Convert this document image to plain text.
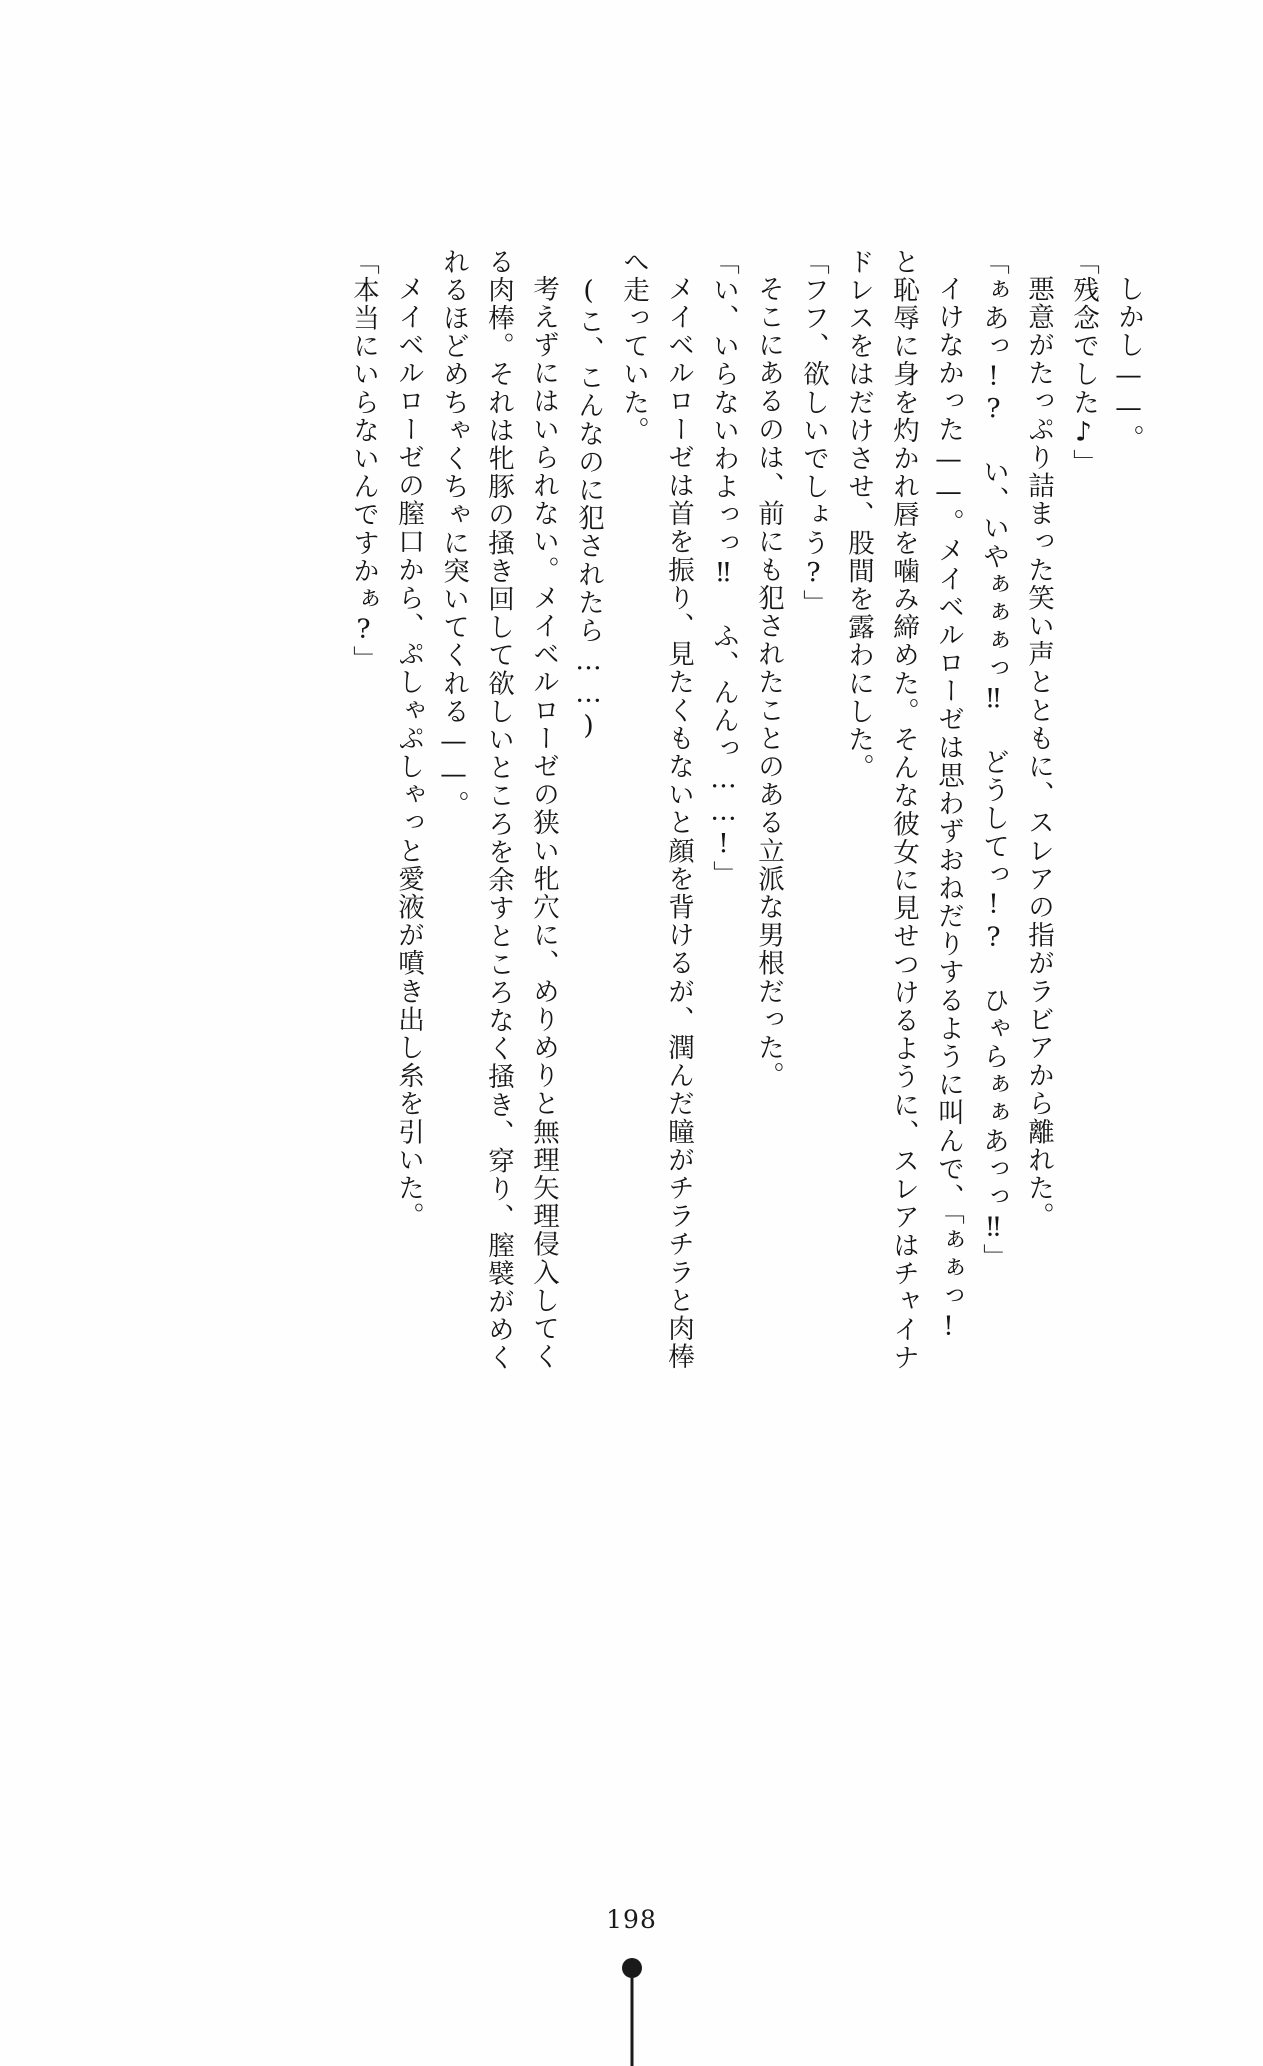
しかし——。

「残念でした♪」

悪意がたっぷり詰まった笑い声とともに、スレアの指がラビアから離れた。

「ぁあっ!? い、いやぁぁぁっ‼ どうしてっ!? ひゃらぁぁあっっ‼」

イけなかった——。メイベルローゼは思わずおねだりするように叫んで、「ぁぁっ!

と恥辱に身を灼かれ唇を噛み締めた。そんな彼女に見せつけるように、スレアはチャイナ

ドレスをはだけさせ、股間を露わにした。

「フフ、欲しいでしょう?」

そこにあるのは、前にも犯されたことのある立派な男根だった。

「い、いらないわよっっ‼ ふ、んんっ……!」

メイベルローゼは首を振り、見たくもないと顔を背けるが、潤んだ瞳がチラチラと肉棒

へ走っていた。

(こ、こんなのに犯されたら……)

考えずにはいられない。メイベルローゼの狭い牝穴に、めりめりと無理矢理侵入してく

る肉棒。それは牝豚の掻き回して欲しいところを余すところなく掻き、穿り、膣襞がめく

れるほどめちゃくちゃに突いてくれる——。

メイベルローゼの膣口から、ぷしゃぷしゃっと愛液が噴き出し糸を引いた。

「本当にいらないんですかぁ?」

198
